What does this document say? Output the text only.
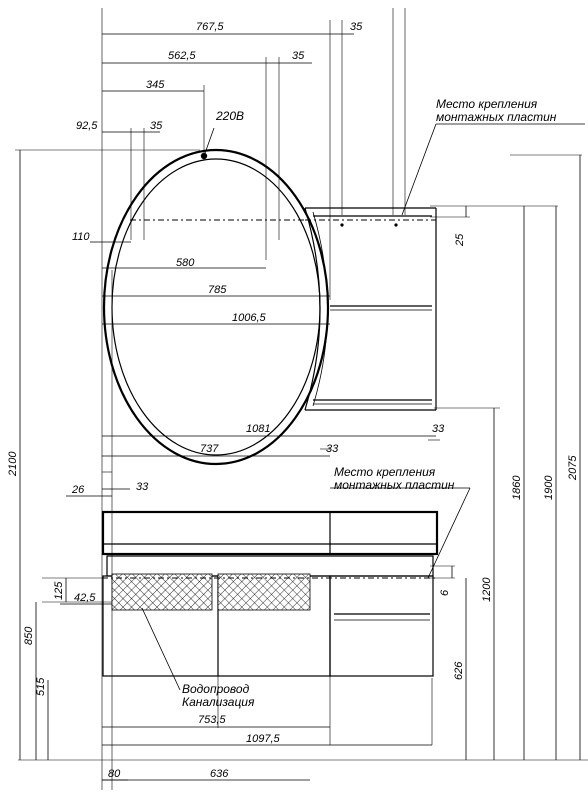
220В
Место крепления
монтажных пластин
Место крепления
монтажных пластин
Водопровод
Канализация
767,5	35
562,5	35
345
92,5	35
110
580
785
1006,5
25
1081	33
737	33
26	33
125 42,5	6
850
515
626
1200
1860 1900
2075
2100
753,5
1097,5
80	636
